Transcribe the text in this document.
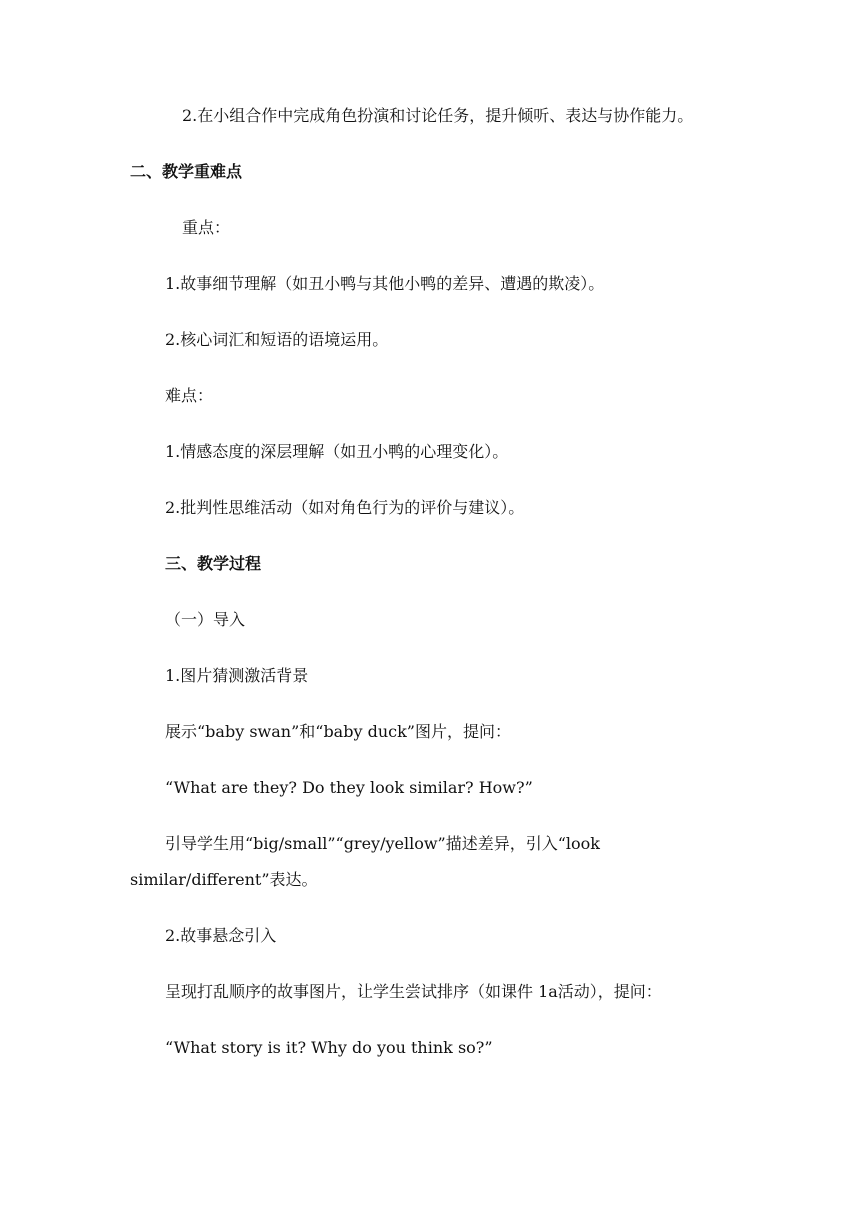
2.在小组合作中完成角色扮演和讨论任务，提升倾听、表达与协作能力。
二、教学重难点
重点：
1.故事细节理解（如丑小鸭与其他小鸭的差异、遭遇的欺凌）。
2.核心词汇和短语的语境运用。
难点：
1.情感态度的深层理解（如丑小鸭的心理变化）。
2.批判性思维活动（如对角色行为的评价与建议）。
三、教学过程
（一）导入
1.图片猜测激活背景
展示“baby swan”和“baby duck”图片，提问：
“What are they? Do they look similar? How?”
引导学生用“big/small”“grey/yellow”描述差异，引入“look
similar/different”表达。
2.故事悬念引入
呈现打乱顺序的故事图片，让学生尝试排序（如课件 1a活动），提问：
“What story is it? Why do you think so?”
